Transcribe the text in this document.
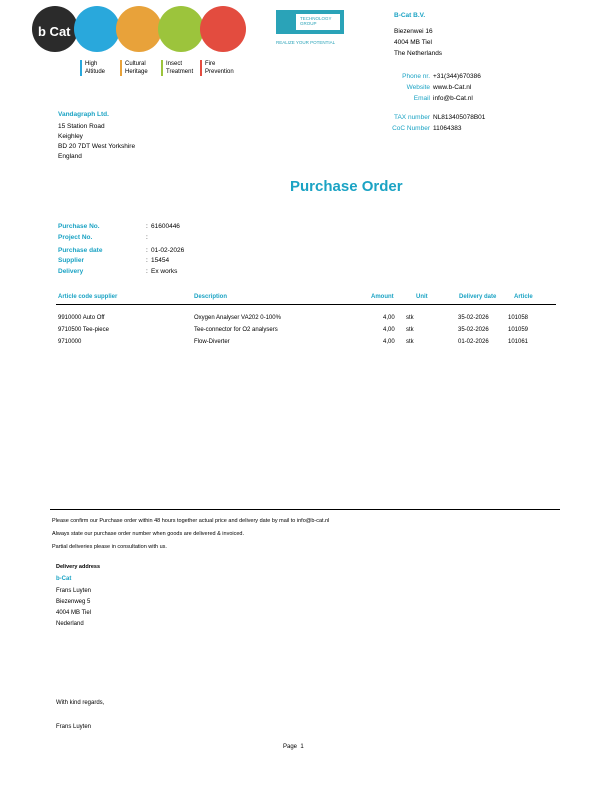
b Cat
High
Altitude
Cultural
Heritage
Insect
Treatment
Fire
Prevention
TECHNOLOGY
GROUP
REALIZE YOUR POTENTIAL
B-Cat B.V.
Biezenwei 16
4004 MB Tiel
The Netherlands
Phone nr. +31(344)670386
Website www.b-Cat.nl
Email info@b-Cat.nl
TAX number NL813405078B01
CoC Number 11064383
Vandagraph Ltd.
15 Station Road
Keighley
BD 20 7DT West Yorkshire
England
Purchase Order
Purchase No.	: 61600446
Project No.	:
Purchase date	: 01-02-2026
Supplier	: 15454
Delivery	: Ex works
Article code supplier	Description	Amount	Unit	Delivery date	Article
9910000 Auto Off	Oxygen Analyser VA202 0-100%	4,00 stk	35-02-2026	101058
9710500 Tee-piece	Tee-connector for O2 analysers	4,00 stk	35-02-2026	101059
9710000	Flow-Diverter	4,00 stk	01-02-2026	101061
Please confirm our Purchase order within 48 hours together actual price and delivery date by mail to info@b-cat.nl
Always state our purchase order number when goods are delivered & invoiced.
Partial deliveries please in consultation with us.
Delivery address
b-Cat
Frans Luyten
Biezenweg 5
4004 MB Tiel
Nederland
With kind regards,
Frans Luyten
Page 1
